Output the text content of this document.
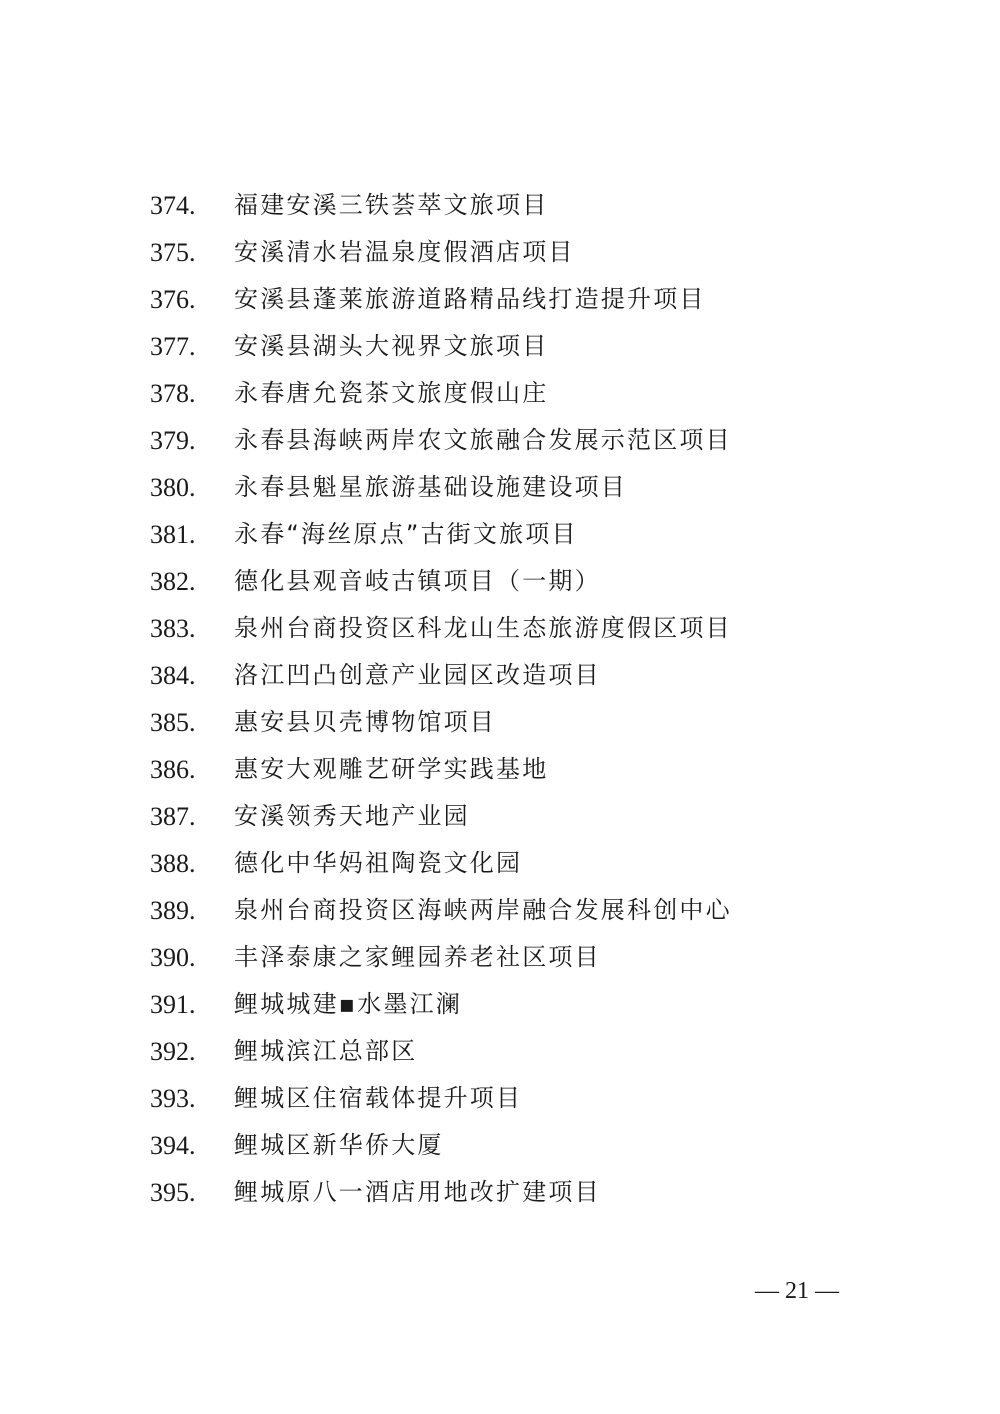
374.	福建安溪三铁荟萃文旅项目
375.	安溪清水岩温泉度假酒店项目
376.	安溪县蓬莱旅游道路精品线打造提升项目
377.	安溪县湖头大视界文旅项目
378.	永春唐允瓷茶文旅度假山庄
379.	永春县海峡两岸农文旅融合发展示范区项目
380.	永春县魁星旅游基础设施建设项目
381.	永春“海丝原点”古街文旅项目
382.	德化县观音岐古镇项目（一期）
383.	泉州台商投资区科龙山生态旅游度假区项目
384.	洛江凹凸创意产业园区改造项目
385.	惠安县贝壳博物馆项目
386.	惠安大观雕艺研学实践基地
387.	安溪领秀天地产业园
388.	德化中华妈祖陶瓷文化园
389.	泉州台商投资区海峡两岸融合发展科创中心
390.	丰泽泰康之家鲤园养老社区项目
391.	鲤城城建▪水墨江澜
392.	鲤城滨江总部区
393.	鲤城区住宿载体提升项目
394.	鲤城区新华侨大厦
395.	鲤城原八一酒店用地改扩建项目
— 21 —
